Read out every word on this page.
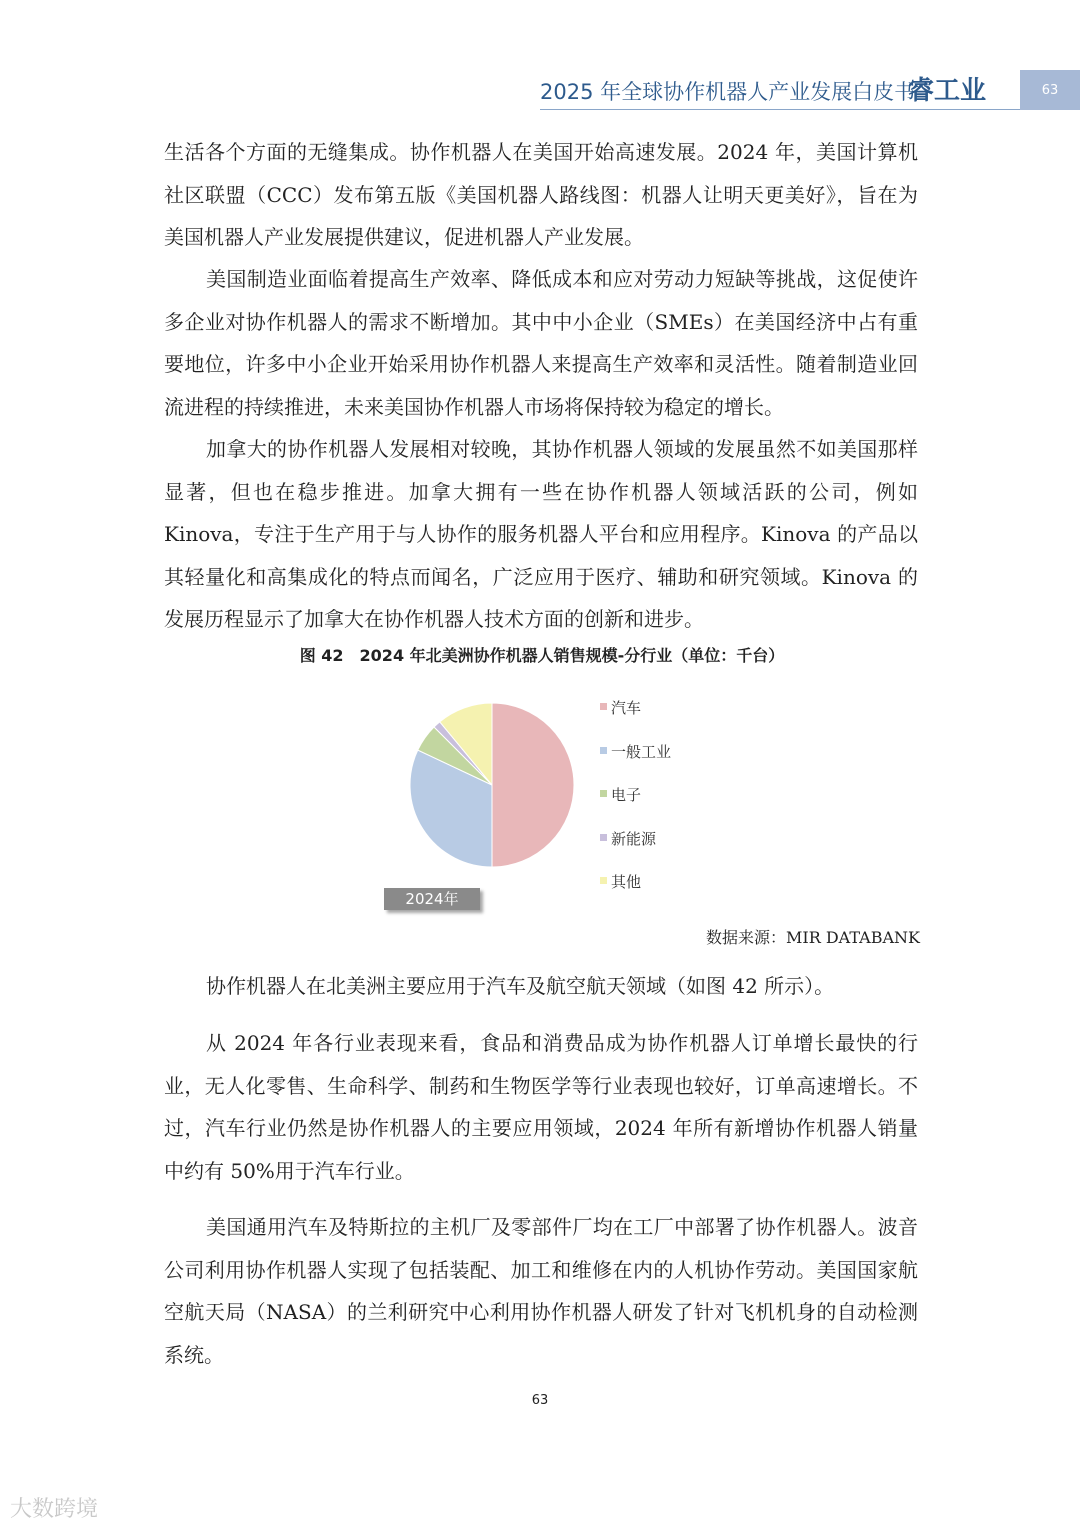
2025 年全球协作机器人产业发展白皮书
睿工业	63

生活各个方面的无缝集成。协作机器人在美国开始高速发展。2024 年，美国计算机社区联盟（CCC）发布第五版《美国机器人路线图：机器人让明天更美好》，旨在为美国机器人产业发展提供建议，促进机器人产业发展。

美国制造业面临着提高生产效率、降低成本和应对劳动力短缺等挑战，这促使许多企业对协作机器人的需求不断增加。其中中小企业（SMEs）在美国经济中占有重要地位，许多中小企业开始采用协作机器人来提高生产效率和灵活性。随着制造业回流进程的持续推进，未来美国协作机器人市场将保持较为稳定的增长。

加拿大的协作机器人发展相对较晚，其协作机器人领域的发展虽然不如美国那样显著，但也在稳步推进。加拿大拥有一些在协作机器人领域活跃的公司，例如 Kinova，专注于生产用于与人协作的服务机器人平台和应用程序。Kinova 的产品以其轻量化和高集成化的特点而闻名，广泛应用于医疗、辅助和研究领域。Kinova 的发展历程显示了加拿大在协作机器人技术方面的创新和进步。

图 42　2024 年北美洲协作机器人销售规模-分行业（单位：千台）
汽车
一般工业
电子
新能源
其他
2024年
数据来源：MIR DATABANK

协作机器人在北美洲主要应用于汽车及航空航天领域（如图 42 所示）。

从 2024 年各行业表现来看，食品和消费品成为协作机器人订单增长最快的行业，无人化零售、生命科学、制药和生物医学等行业表现也较好，订单高速增长。不过，汽车行业仍然是协作机器人的主要应用领域，2024 年所有新增协作机器人销量中约有 50%用于汽车行业。

美国通用汽车及特斯拉的主机厂及零部件厂均在工厂中部署了协作机器人。波音公司利用协作机器人实现了包括装配、加工和维修在内的人机协作劳动。美国国家航空航天局（NASA）的兰利研究中心利用协作机器人研发了针对飞机机身的自动检测系统。

63
大数跨境
